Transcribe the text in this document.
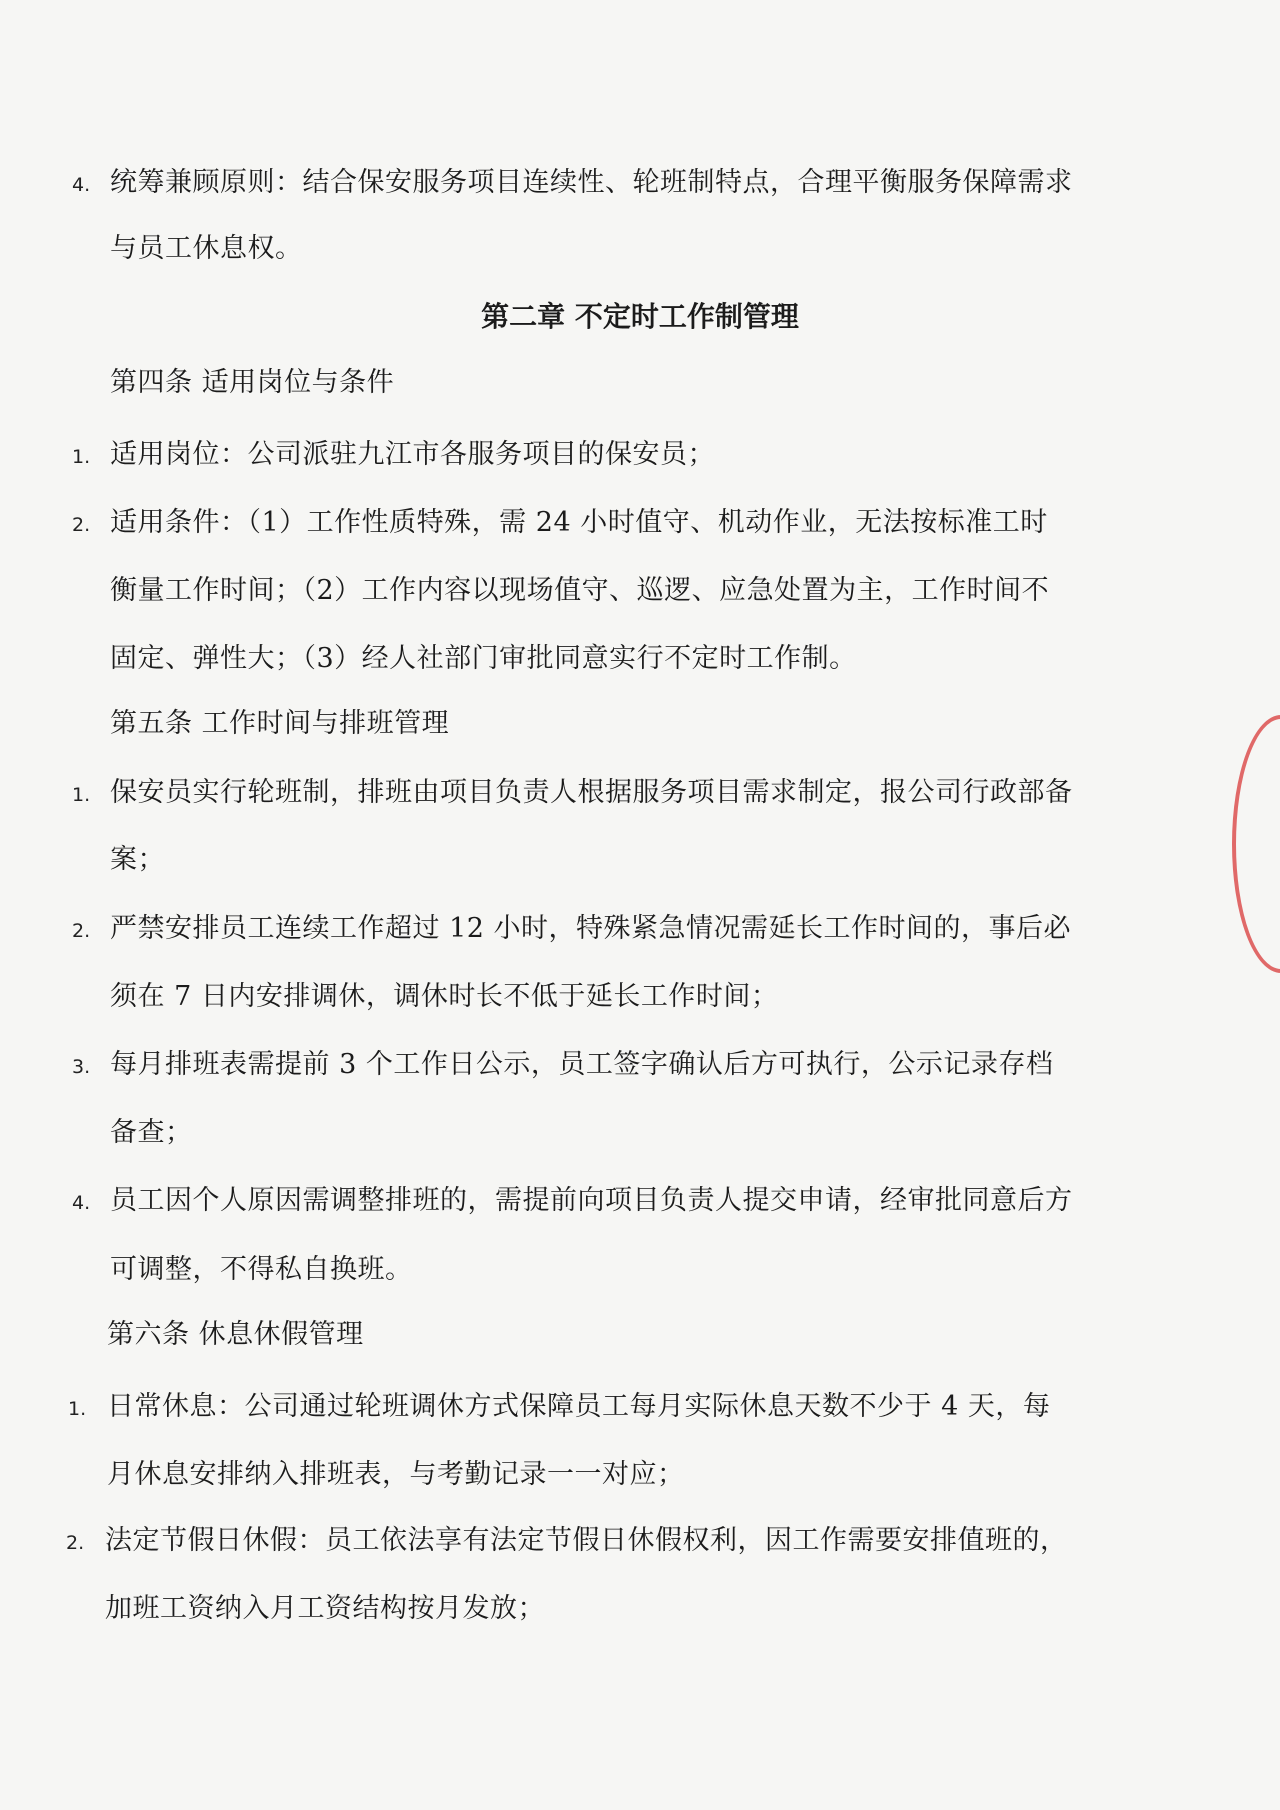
4. 统筹兼顾原则：结合保安服务项目连续性、轮班制特点，合理平衡服务保障需求
与员工休息权。
第二章 不定时工作制管理
第四条 适用岗位与条件
1. 适用岗位：公司派驻九江市各服务项目的保安员；
2. 适用条件：（1）工作性质特殊，需 24 小时值守、机动作业，无法按标准工时
衡量工作时间；（2）工作内容以现场值守、巡逻、应急处置为主，工作时间不
固定、弹性大；（3）经人社部门审批同意实行不定时工作制。
第五条 工作时间与排班管理
1. 保安员实行轮班制，排班由项目负责人根据服务项目需求制定，报公司行政部备
案；
2. 严禁安排员工连续工作超过 12 小时，特殊紧急情况需延长工作时间的，事后必
须在 7 日内安排调休，调休时长不低于延长工作时间；
3. 每月排班表需提前 3 个工作日公示，员工签字确认后方可执行，公示记录存档
备查；
4. 员工因个人原因需调整排班的，需提前向项目负责人提交申请，经审批同意后方
可调整，不得私自换班。
第六条 休息休假管理
1. 日常休息：公司通过轮班调休方式保障员工每月实际休息天数不少于 4 天，每
月休息安排纳入排班表，与考勤记录一一对应；
2. 法定节假日休假：员工依法享有法定节假日休假权利，因工作需要安排值班的，
加班工资纳入月工资结构按月发放；
